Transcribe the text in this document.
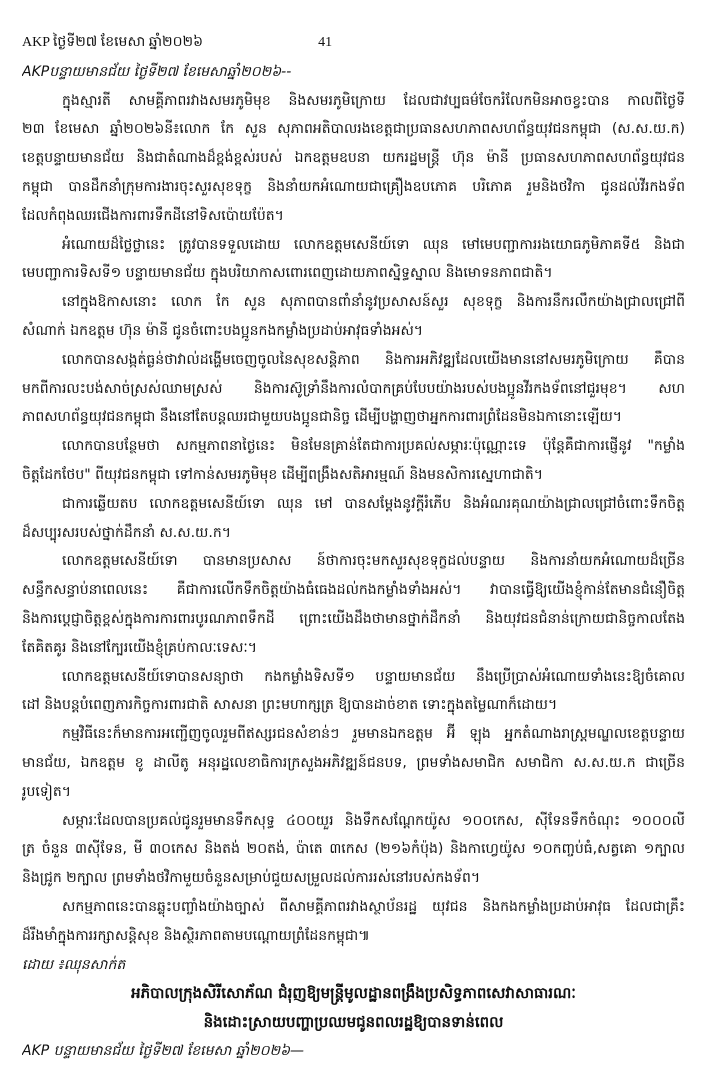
AKP ថ្ងៃទី២៧ ខែមេសា ឆ្នាំ២០២៦	41
AKPបន្ទាយមានជ័យ ថ្ងៃទី២៧ ខែមេសាឆ្នាំ២០២៦--
ក្នុងស្មារតី សាមគ្គីភាពរវាងសមរភូមិមុខ និងសមរភូមិក្រោយ ដែលជាវប្បធម៌ចែករំលែកមិនអាចខ្វះបាន កាលពីថ្ងៃទី
២៣ ខែមេសា ឆ្នាំ២០២៦នី៖លោក កែ សួន សុភាពអតិបាលរងខេត្តជាប្រធានសហភាពសហព័ន្ធយុវជនកម្ពុជា (ស.ស.យ.ក)
ខេត្តបន្ទាយមានជ័យ និងជាតំណាងដ៏ខ្ពង់ខ្ពស់របស់ ឯកឧត្តមឧបនា យករដ្ឋមន្ត្រី ហ៊ុន ម៉ានី ប្រធានសហភាពសហព័ន្ធយុវជន
កម្ពុជា បានដឹកនាំក្រុមការងារចុះសួរសុខទុក្ខ និងនាំយកអំណោយជាគ្រឿងឧបភោគ បរិភោគ រួមនិងថវិកា ជូនដល់វីរកងទ័ព
ដែលកំពុងឈរជើងការពារទឹកដីនៅទិសប៉ោយប៉ែត។
អំណោយដ៏ថ្លៃថ្លានេះ ត្រូវបានទទួលដោយ លោកឧត្តមសេនីយ៍ទោ ឈុន មៅមេបញ្ជាការរងយោធភូមិភាគទី៥ និងជា
មេបញ្ជាការទិសទី១ បន្ទាយមានជ័យ ក្នុងបរិយាកាសពោរពេញដោយភាពស្និទ្ធស្នាល និងមោទនភាពជាតិ។
នៅក្នុងឱកាសនោះ លោក កែ សួន សុភាពបានពាំនាំនូវប្រសាសន៍សួរ សុខទុក្ខ និងការនឹករលឹកយ៉ាងជ្រាលជ្រៅពី
សំណាក់ ឯកឧត្តម ហ៊ុន ម៉ានី ជូនចំពោះបងប្អូនកងកម្លាំងប្រដាប់អាវុធទាំងអស់។
លោកបានសង្កត់ធ្ងន់ថាវាល់ដង្ហើមចេញចូលនៃសុខសន្តិភាព និងការអភិវឌ្ឍដែលយើងមាននៅសមរភូមិក្រោយ គឺបាន
មកពីការលះបង់សាច់ស្រស់ឈាមស្រស់ និងការស៊ូទ្រាំនឹងការលំបាកគ្រប់បែបយ៉ាងរបស់បងប្អូនវីរកងទ័ពនៅជួរមុខ។ សហ
ភាពសហព័ន្ធយុវជនកម្ពុជា នឹងនៅតែបន្តឈរជាមួយបងប្អូនជានិច្ច ដើម្បីបង្ហាញថាអ្នកការពារព្រំដែនមិនឯកានោះឡើយ។
លោកបានបន្ថែមថា សកម្មភាពនាថ្ងៃនេះ មិនមែនគ្រាន់តែជាការប្រគល់សម្ភារៈប៉ុណ្ណោះទេ ប៉ុន្តែគឺជាការផ្ញើនូវ "កម្លាំង
ចិត្តដែកថែប" ពីយុវជនកម្ពុជា ទៅកាន់សមរភូមិមុខ ដើម្បីពង្រឹងសតិអារម្មណ៍ និងមនសិការស្នេហាជាតិ។
ជាការឆ្លើយតប លោកឧត្តមសេនីយ៍ទោ ឈុន មៅ បានសម្តែងនូវក្តីរំភើប និងអំណរគុណយ៉ាងជ្រាលជ្រៅចំពោះទឹកចិត្ត
ដ៏សប្បុរសរបស់ថ្នាក់ដឹកនាំ ស.ស.យ.ក។
លោកឧត្តមសេនីយ៍ទោ បានមានប្រសាស ន៍ថាការចុះមកសួរសុខទុក្ខដល់បន្ទាយ និងការនាំយកអំណោយដ៏ច្រើន
សន្ធឹកសន្ធាប់នាពេលនេះ គឺជាការលើកទឹកចិត្តយ៉ាងធំធេងដល់កងកម្លាំងទាំងអស់។ វាបានធ្វើឱ្យយើងខ្ញុំកាន់តែមានជំនឿចិត្ត
និងការប្តេជ្ញាចិត្តខ្ពស់ក្នុងការការពារបូរណភាពទឹកដី ព្រោះយើងដឹងថាមានថ្នាក់ដឹកនាំ និងយុវជនជំនាន់ក្រោយជានិច្ចកាលតែង
តែគិតគូរ និងនៅក្បែរយើងខ្ញុំគ្រប់កាលៈទេសៈ។
លោកឧត្តមសេនីយ៍ទោបានសន្យាថា កងកម្លាំងទិសទី១ បន្ទាយមានជ័យ នឹងប្រើប្រាស់អំណោយទាំងនេះឱ្យចំគោល
ដៅ និងបន្តបំពេញភារកិច្ចការពារជាតិ សាសនា ព្រះមហាក្សត្រ ឱ្យបានដាច់ខាត ទោះក្នុងតម្លៃណាក៏ដោយ។
កម្មវិធីនេះក៏មានការអញ្ជើញចូលរួមពីឥស្សរជនសំខាន់ៗ រួមមានឯកឧត្តម អ៊ី ឡុង អ្នកតំណាងរាស្ត្រមណ្ឌលខេត្តបន្ទាយ
មានជ័យ, ឯកឧត្តម ខូ ដាលីតូ អនុរដ្ឋលេខាធិការក្រសួងអភិវឌ្ឍន៍ជនបទ, ព្រមទាំងសមាជិក សមាជិកា ស.ស.យ.ក ជាច្រើន
រូបទៀត។
សម្ភារៈដែលបានប្រគល់ជូនរួមមានទឹកសុទ្ធ ៤០០យួរ និងទឹកសណ្តែកយ៉ូស ១០០កេស, ស៊ីទែនទឹកចំណុះ ១០០០លី
ត្រ ចំនួន ៣ស៊ីទែន, មី ៣០កេស និងតង់ ២០តង់, ប៉ាតេ ៣កេស (២១៦កំប៉ុង) និងកាហ្វេយ៉ូស ១០កញ្ចប់ធំ,សត្វគោ ១ក្បាល
និងជ្រូក ២ក្បាល ព្រមទាំងថវិកាមួយចំនួនសម្រាប់ជួយសម្រួលដល់ការរស់នៅរបស់កងទ័ព។
សកម្មភាពនេះបានឆ្លុះបញ្ចាំងយ៉ាងច្បាស់ ពីសាមគ្គីភាពរវាងស្ថាប័នរដ្ឋ យុវជន និងកងកម្លាំងប្រដាប់អាវុធ ដែលជាគ្រឹះ
ដ៏រឹងមាំក្នុងការរក្សាសន្តិសុខ និងស្ថិរភាពតាមបណ្តោយព្រំដែនកម្ពុជា៕
ដោយ ៖ឈុនសាក់ត
អភិបាលក្រុងសិរីសោភ័ណ ជំរុញឱ្យមន្ត្រីមូលដ្ឋានពង្រឹងប្រសិទ្ធភាពសេវាសាធារណៈ
និងដោះស្រាយបញ្ហាប្រឈមជូនពលរដ្ឋឱ្យបានទាន់ពេល
AKP បន្ទាយមានជ័យ ថ្ងៃទី២៧ ខែមេសា ឆ្នាំ២០២៦—
